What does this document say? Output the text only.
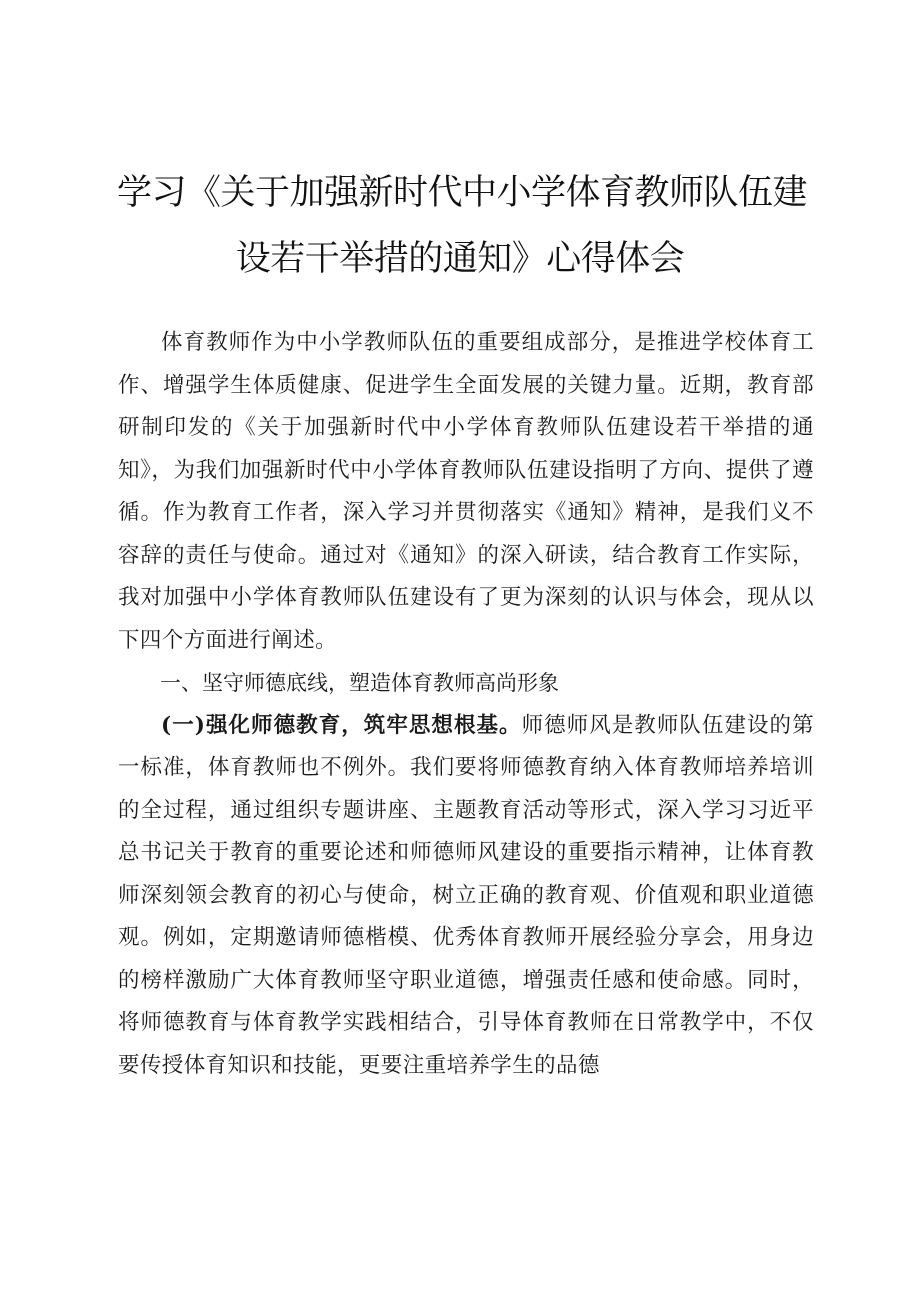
学习《关于加强新时代中小学体育教师队伍建
设若干举措的通知》心得体会

体育教师作为中小学教师队伍的重要组成部分，是推进学校体育工作、增强学生体质健康、促进学生全面发展的关键力量。近期，教育部研制印发的《关于加强新时代中小学体育教师队伍建设若干举措的通知》，为我们加强新时代中小学体育教师队伍建设指明了方向、提供了遵循。作为教育工作者，深入学习并贯彻落实《通知》精神，是我们义不容辞的责任与使命。通过对《通知》的深入研读，结合教育工作实际，我对加强中小学体育教师队伍建设有了更为深刻的认识与体会，现从以下四个方面进行阐述。

一、坚守师德底线，塑造体育教师高尚形象

(一)强化师德教育，筑牢思想根基。师德师风是教师队伍建设的第一标准，体育教师也不例外。我们要将师德教育纳入体育教师培养培训的全过程，通过组织专题讲座、主题教育活动等形式，深入学习习近平总书记关于教育的重要论述和师德师风建设的重要指示精神，让体育教师深刻领会教育的初心与使命，树立正确的教育观、价值观和职业道德观。例如，定期邀请师德楷模、优秀体育教师开展经验分享会，用身边的榜样激励广大体育教师坚守职业道德，增强责任感和使命感。同时，将师德教育与体育教学实践相结合，引导体育教师在日常教学中，不仅要传授体育知识和技能，更要注重培养学生的品德
